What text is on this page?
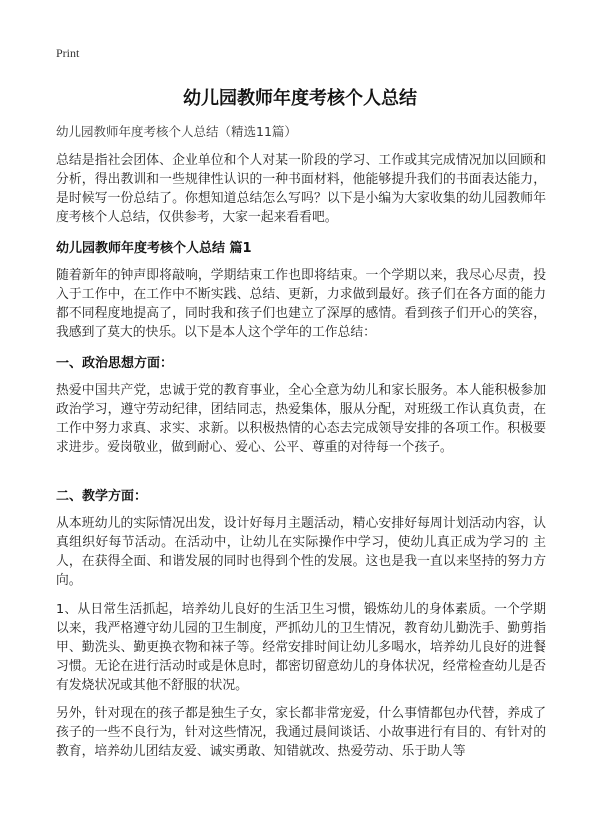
Print
幼儿园教师年度考核个人总结

幼儿园教师年度考核个人总结（精选11篇）

总结是指社会团体、企业单位和个人对某一阶段的学习、工作或其完成情况加以回顾和分析，得出教训和一些规律性认识的一种书面材料，他能够提升我们的书面表达能力，是时候写一份总结了。你想知道总结怎么写吗？以下是小编为大家收集的幼儿园教师年度考核个人总结，仅供参考，大家一起来看看吧。

幼儿园教师年度考核个人总结 篇1

随着新年的钟声即将敲响，学期结束工作也即将结束。一个学期以来，我尽心尽责，投入于工作中，在工作中不断实践、总结、更新，力求做到最好。孩子们在各方面的能力都不同程度地提高了，同时我和孩子们也建立了深厚的感情。看到孩子们开心的笑容，我感到了莫大的快乐。以下是本人这个学年的工作总结：

一、政治思想方面：

热爱中国共产党，忠诚于党的教育事业，全心全意为幼儿和家长服务。本人能积极参加政治学习，遵守劳动纪律，团结同志，热爱集体，服从分配，对班级工作认真负责，在工作中努力求真、求实、求新。以积极热情的心态去完成领导安排的各项工作。积极要求进步。爱岗敬业，做到耐心、爱心、公平、尊重的对待每一个孩子。

二、教学方面：

从本班幼儿的实际情况出发，设计好每月主题活动，精心安排好每周计划活动内容，认真组织好每节活动。在活动中，让幼儿在实际操作中学习，使幼儿真正成为学习的 主人，在获得全面、和谐发展的同时也得到个性的发展。这也是我一直以来坚持的努力方向。

1、从日常生活抓起，培养幼儿良好的生活卫生习惯，锻炼幼儿的身体素质。一个学期以来，我严格遵守幼儿园的卫生制度，严抓幼儿的卫生情况，教育幼儿勤洗手、勤剪指甲、勤洗头、勤更换衣物和袜子等。经常安排时间让幼儿多喝水，培养幼儿良好的进餐习惯。无论在进行活动时或是休息时，都密切留意幼儿的身体状况，经常检查幼儿是否有发烧状况或其他不舒服的状况。

另外，针对现在的孩子都是独生子女，家长都非常宠爱，什么事情都包办代替，养成了孩子的一些不良行为，针对这些情况，我通过晨间谈话、小故事进行有目的、有针对的教育，培养幼儿团结友爱、诚实勇敢、知错就改、热爱劳动、乐于助人等
